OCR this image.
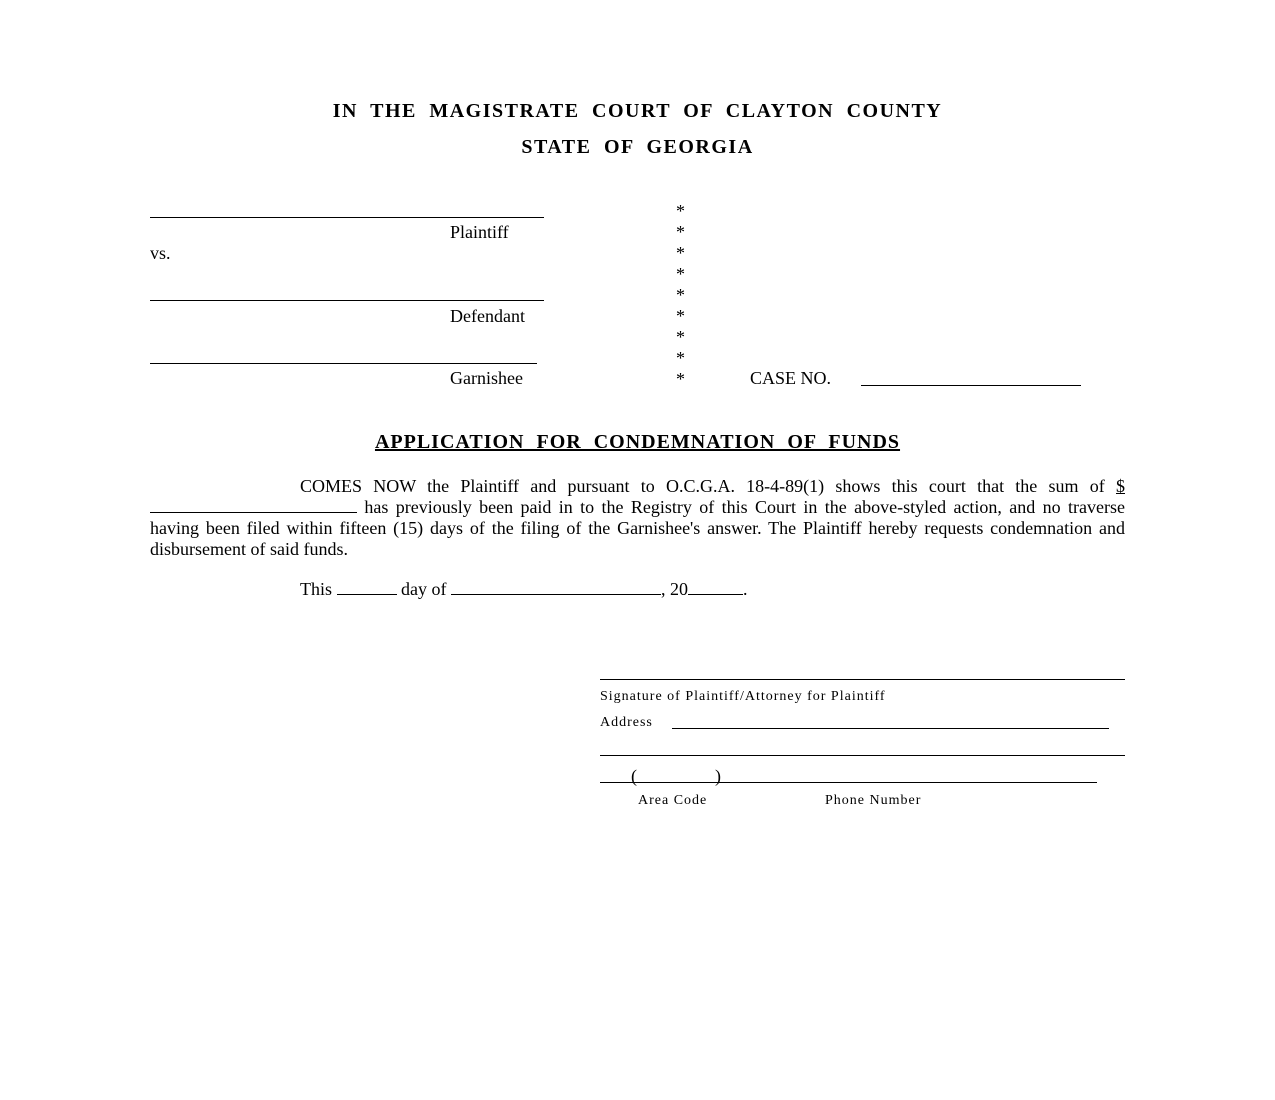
IN THE MAGISTRATE COURT OF CLAYTON COUNTY
STATE OF GEORGIA
Plaintiff
vs.
Defendant
Garnishee
*
*
*
*
*
*
*
*
*	CASE NO.
APPLICATION FOR CONDEMNATION OF FUNDS
COMES NOW the Plaintiff and pursuant to O.C.G.A. 18-4-89(1) shows this court that the sum of $ has previously been paid in to the Registry of this Court in the above-styled action, and no traverse having been filed within fifteen (15) days of the filing of the Garnishee's answer. The Plaintiff hereby requests condemnation and disbursement of said funds.
This	day of	, 20	.
Signature of Plaintiff/Attorney for Plaintiff
Address
(	)
Area Code	Phone Number
